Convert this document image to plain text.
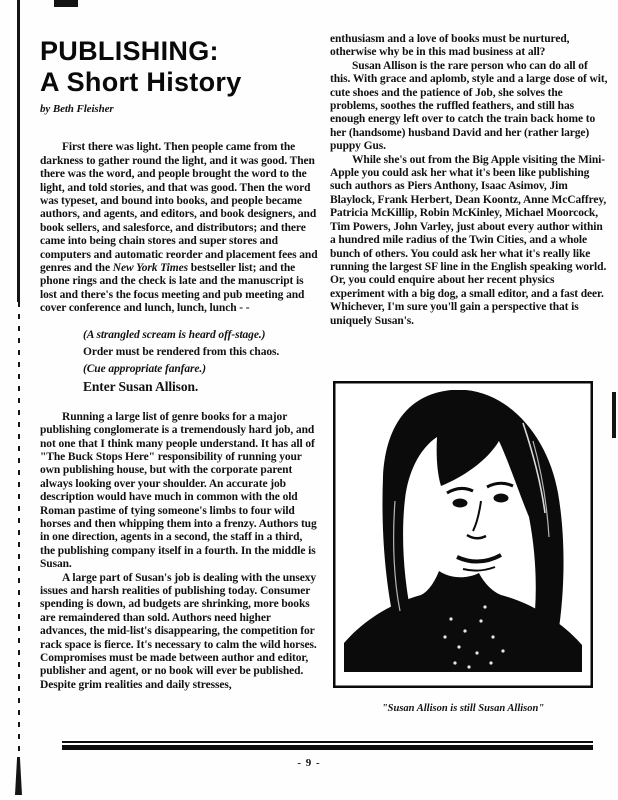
PUBLISHING:
A Short History
by Beth Fleisher

First there was light. Then people came from the darkness to gather round the light, and it was good. Then there was the word, and people brought the word to the light, and told stories, and that was good. Then the word was typeset, and bound into books, and people became authors, and agents, and editors, and book designers, and book sellers, and salesforce, and distributors; and there came into being chain stores and super stores and computers and automatic reorder and placement fees and genres and the New York Times bestseller list; and the phone rings and the check is late and the manuscript is lost and there's the focus meeting and pub meeting and cover conference and lunch, lunch, lunch - -

(A strangled scream is heard off-stage.)
Order must be rendered from this chaos.
(Cue appropriate fanfare.)
Enter Susan Allison.

Running a large list of genre books for a major publishing conglomerate is a tremendously hard job, and not one that I think many people understand. It has all of "The Buck Stops Here" responsibility of running your own publishing house, but with the corporate parent always looking over your shoulder. An accurate job description would have much in common with the old Roman pastime of tying someone's limbs to four wild horses and then whipping them into a frenzy. Authors tug in one direction, agents in a second, the staff in a third, the publishing company itself in a fourth. In the middle is Susan.

A large part of Susan's job is dealing with the unsexy issues and harsh realities of publishing today. Consumer spending is down, ad budgets are shrinking, more books are remaindered than sold. Authors need higher advances, the mid-list's disappearing, the competition for rack space is fierce. It's necessary to calm the wild horses. Compromises must be made between author and editor, publisher and agent, or no book will ever be published. Despite grim realities and daily stresses,

enthusiasm and a love of books must be nurtured, otherwise why be in this mad business at all?

Susan Allison is the rare person who can do all of this. With grace and aplomb, style and a large dose of wit, cute shoes and the patience of Job, she solves the problems, soothes the ruffled feathers, and still has enough energy left over to catch the train back home to her (handsome) husband David and her (rather large) puppy Gus.

While she's out from the Big Apple visiting the Mini-Apple you could ask her what it's been like publishing such authors as Piers Anthony, Isaac Asimov, Jim Blaylock, Frank Herbert, Dean Koontz, Anne McCaffrey, Patricia McKillip, Robin McKinley, Michael Moorcock, Tim Powers, John Varley, just about every author within a hundred mile radius of the Twin Cities, and a whole bunch of others. You could ask her what it's really like running the largest SF line in the English speaking world. Or, you could enquire about her recent physics experiment with a big dog, a small editor, and a fast deer. Whichever, I'm sure you'll gain a perspective that is uniquely Susan's.

"Susan Allison is still Susan Allison"
- 9 -
